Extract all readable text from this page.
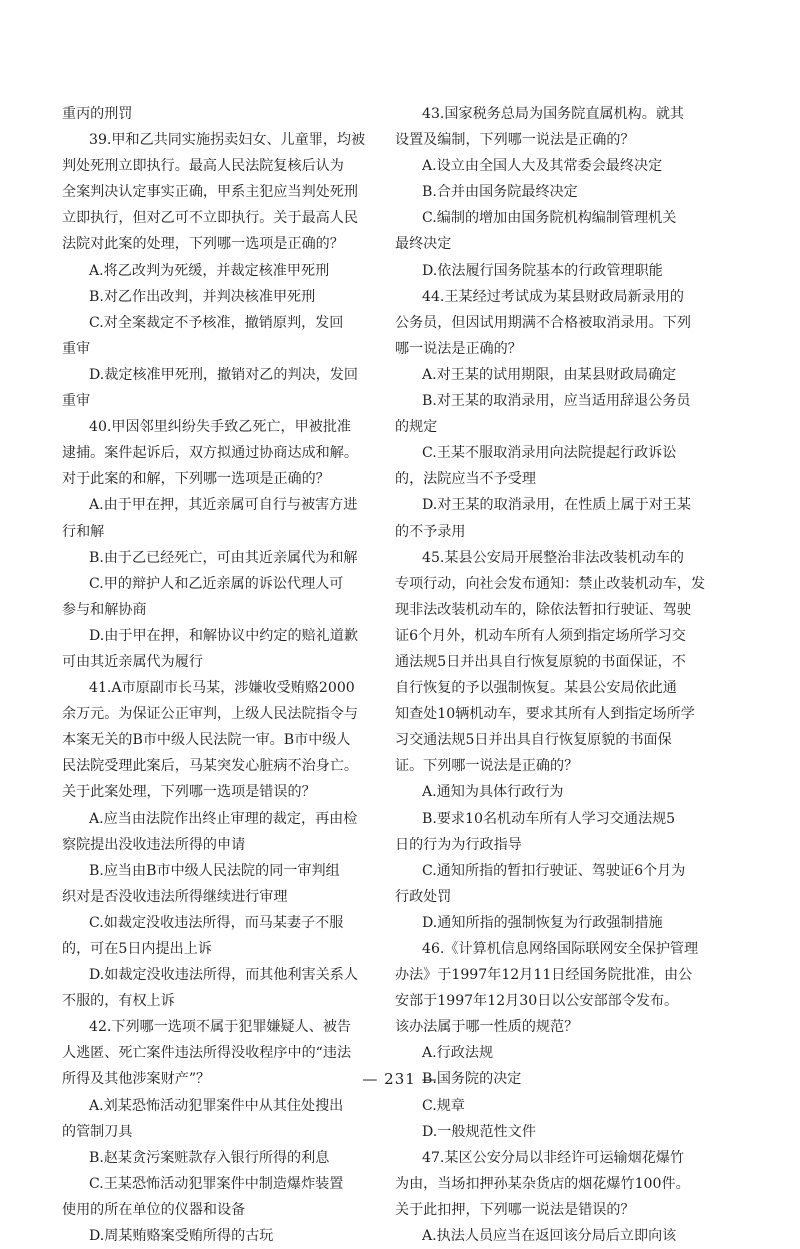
重丙的刑罚
39.甲和乙共同实施拐卖妇女、儿童罪，均被
判处死刑立即执行。最高人民法院复核后认为
全案判决认定事实正确，甲系主犯应当判处死刑
立即执行，但对乙可不立即执行。关于最高人民
法院对此案的处理，下列哪一选项是正确的？
A.将乙改判为死缓，并裁定核准甲死刑
B.对乙作出改判，并判决核准甲死刑
C.对全案裁定不予核准，撤销原判，发回
重审
D.裁定核准甲死刑，撤销对乙的判决，发回
重审
40.甲因邻里纠纷失手致乙死亡，甲被批准
逮捕。案件起诉后，双方拟通过协商达成和解。
对于此案的和解，下列哪一选项是正确的？
A.由于甲在押，其近亲属可自行与被害方进
行和解
B.由于乙已经死亡，可由其近亲属代为和解
C.甲的辩护人和乙近亲属的诉讼代理人可
参与和解协商
D.由于甲在押，和解协议中约定的赔礼道歉
可由其近亲属代为履行
41.A市原副市长马某，涉嫌收受贿赂2000
余万元。为保证公正审判，上级人民法院指令与
本案无关的B市中级人民法院一审。B市中级人
民法院受理此案后，马某突发心脏病不治身亡。
关于此案处理，下列哪一选项是错误的？
A.应当由法院作出终止审理的裁定，再由检
察院提出没收违法所得的申请
B.应当由B市中级人民法院的同一审判组
织对是否没收违法所得继续进行审理
C.如裁定没收违法所得，而马某妻子不服
的，可在5日内提出上诉
D.如裁定没收违法所得，而其他利害关系人
不服的，有权上诉
42.下列哪一选项不属于犯罪嫌疑人、被告
人逃匿、死亡案件违法所得没收程序中的“违法
所得及其他涉案财产”？
A.刘某恐怖活动犯罪案件中从其住处搜出
的管制刀具
B.赵某贪污案赃款存入银行所得的利息
C.王某恐怖活动犯罪案件中制造爆炸装置
使用的所在单位的仪器和设备
D.周某贿赂案受贿所得的古玩
43.国家税务总局为国务院直属机构。就其
设置及编制，下列哪一说法是正确的？
A.设立由全国人大及其常委会最终决定
B.合并由国务院最终决定
C.编制的增加由国务院机构编制管理机关
最终决定
D.依法履行国务院基本的行政管理职能
44.王某经过考试成为某县财政局新录用的
公务员，但因试用期满不合格被取消录用。下列
哪一说法是正确的？
A.对王某的试用期限，由某县财政局确定
B.对王某的取消录用，应当适用辞退公务员
的规定
C.王某不服取消录用向法院提起行政诉讼
的，法院应当不予受理
D.对王某的取消录用，在性质上属于对王某
的不予录用
45.某县公安局开展整治非法改装机动车的
专项行动，向社会发布通知：禁止改装机动车，发
现非法改装机动车的，除依法暂扣行驶证、驾驶
证6个月外，机动车所有人须到指定场所学习交
通法规5日并出具自行恢复原貌的书面保证，不
自行恢复的予以强制恢复。某县公安局依此通
知查处10辆机动车，要求其所有人到指定场所学
习交通法规5日并出具自行恢复原貌的书面保
证。下列哪一说法是正确的？
A.通知为具体行政行为
B.要求10名机动车所有人学习交通法规5
日的行为为行政指导
C.通知所指的暂扣行驶证、驾驶证6个月为
行政处罚
D.通知所指的强制恢复为行政强制措施
46.《计算机信息网络国际联网安全保护管理
办法》于1997年12月11日经国务院批准，由公
安部于1997年12月30日以公安部部令发布。
该办法属于哪一性质的规范？
A.行政法规
B.国务院的决定
C.规章
D.一般规范性文件
47.某区公安分局以非经许可运输烟花爆竹
为由，当场扣押孙某杂货店的烟花爆竹100件。
关于此扣押，下列哪一说法是错误的？
A.执法人员应当在返回该分局后立即向该
— 231 —
